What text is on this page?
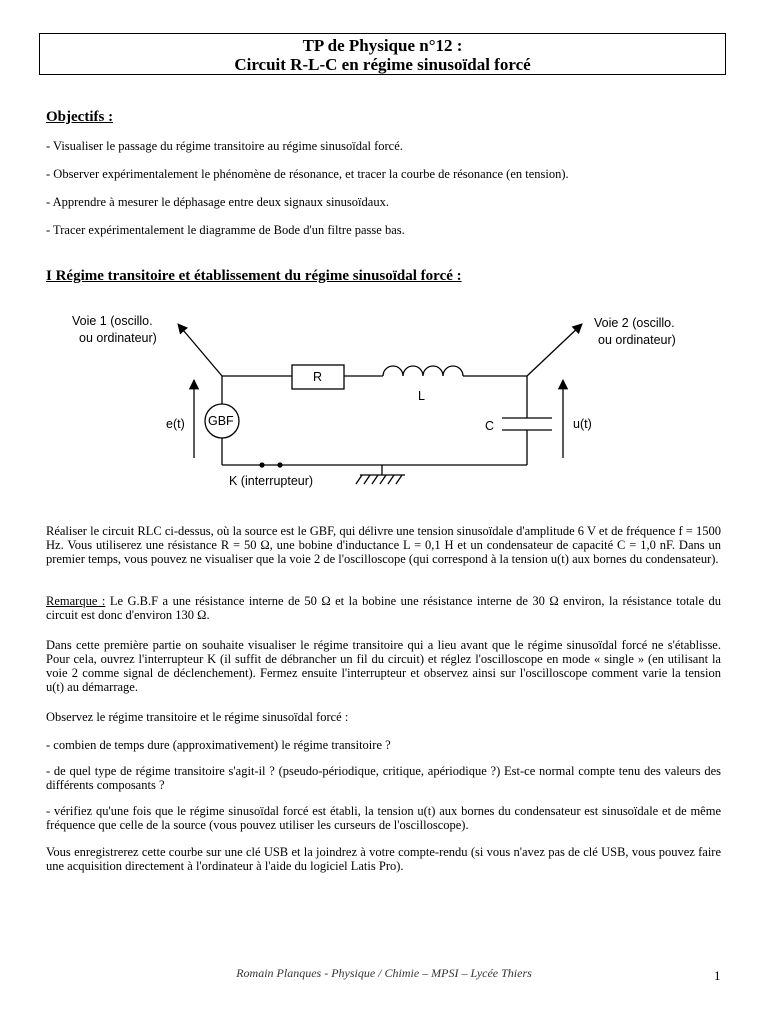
TP de Physique n°12 :
Circuit R-L-C en régime sinusoïdal forcé
Objectifs :
- Visualiser le passage du régime transitoire au régime sinusoïdal forcé.
- Observer expérimentalement le phénomène de résonance, et tracer la courbe de résonance (en tension).
- Apprendre à mesurer le déphasage entre deux signaux sinusoïdaux.
- Tracer expérimentalement le diagramme de Bode d'un filtre passe bas.
I Régime transitoire et établissement du régime sinusoïdal forcé :
Voie 1 (oscillo.
ou ordinateur)
Voie 2 (oscillo.
ou ordinateur)
R
L
C
GBF
e(t)	u(t)
K (interrupteur)
Réaliser le circuit RLC ci-dessus, où la source est le GBF, qui délivre une tension sinusoïdale d'amplitude 6 V et de fréquence f = 1500 Hz. Vous utiliserez une résistance R = 50 Ω, une bobine d'inductance L = 0,1 H et un condensateur de capacité C = 1,0 nF. Dans un premier temps, vous pouvez ne visualiser que la voie 2 de l'oscilloscope (qui correspond à la tension u(t) aux bornes du condensateur).
Remarque : Le G.B.F a une résistance interne de 50 Ω et la bobine une résistance interne de 30 Ω environ, la résistance totale du circuit est donc d'environ 130 Ω.
Dans cette première partie on souhaite visualiser le régime transitoire qui a lieu avant que le régime sinusoïdal forcé ne s'établisse. Pour cela, ouvrez l'interrupteur K (il suffit de débrancher un fil du circuit) et réglez l'oscilloscope en mode « single » (en utilisant la voie 2 comme signal de déclenchement). Fermez ensuite l'interrupteur et observez ainsi sur l'oscilloscope comment varie la tension u(t) au démarrage.
Observez le régime transitoire et le régime sinusoïdal forcé :
- combien de temps dure (approximativement) le régime transitoire ?
- de quel type de régime transitoire s'agit-il ? (pseudo-périodique, critique, apériodique ?) Est-ce normal compte tenu des valeurs des différents composants ?
- vérifiez qu'une fois que le régime sinusoïdal forcé est établi, la tension u(t) aux bornes du condensateur est sinusoïdale et de même fréquence que celle de la source (vous pouvez utiliser les curseurs de l'oscilloscope).
Vous enregistrerez cette courbe sur une clé USB et la joindrez à votre compte-rendu (si vous n'avez pas de clé USB, vous pouvez faire une acquisition directement à l'ordinateur à l'aide du logiciel Latis Pro).
Romain Planques - Physique / Chimie – MPSI – Lycée Thiers	1
